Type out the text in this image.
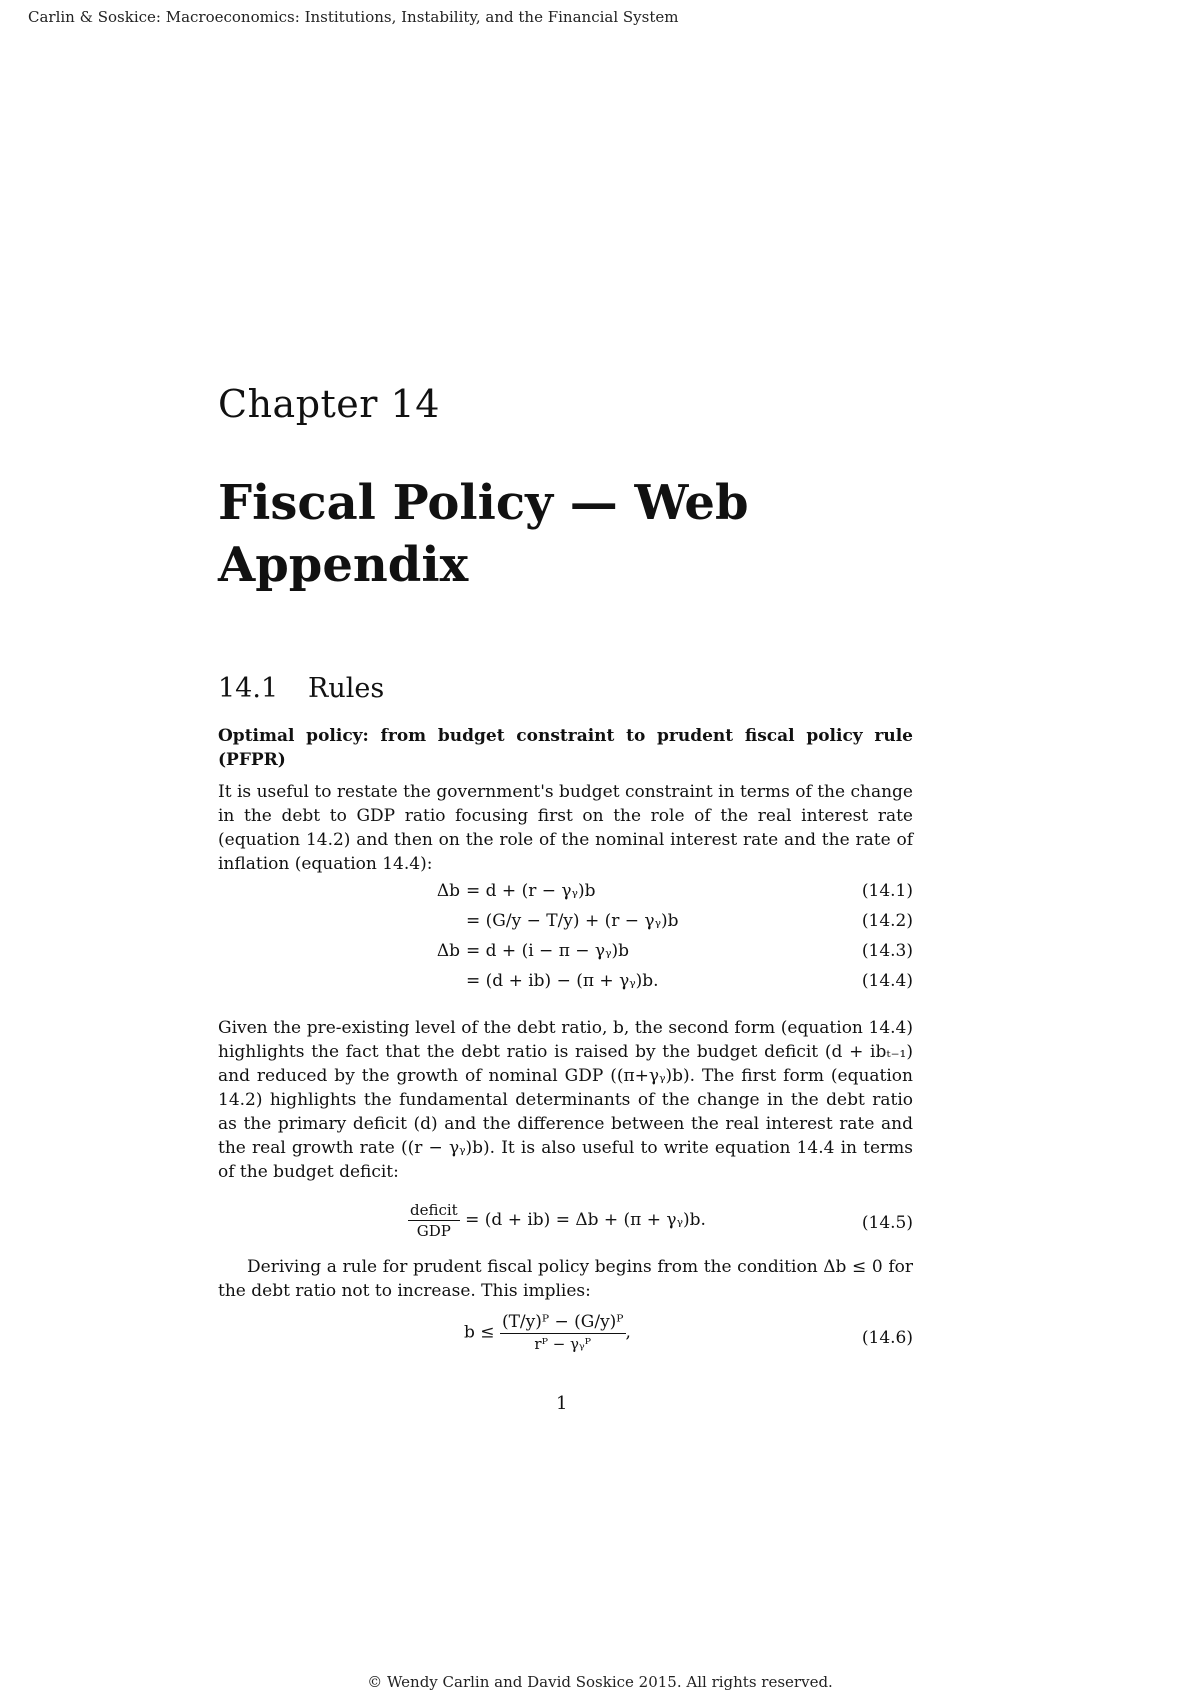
Carlin & Soskice: Macroeconomics: Institutions, Instability, and the Financial System
Chapter 14
Fiscal Policy — Web Appendix
14.1 Rules
Optimal policy: from budget constraint to prudent fiscal policy rule (PFPR)
It is useful to restate the government's budget constraint in terms of the change in the debt to GDP ratio focusing first on the role of the real interest rate (equation 14.2) and then on the role of the nominal interest rate and the rate of inflation (equation 14.4):
Δb = d + (r − γᵧ)b	(14.1)
= (G/y − T/y) + (r − γᵧ)b	(14.2)
Δb = d + (i − π − γᵧ)b	(14.3)
= (d + ib) − (π + γᵧ)b.	(14.4)
Given the pre-existing level of the debt ratio, b, the second form (equation 14.4) highlights the fact that the debt ratio is raised by the budget deficit (d + ibₜ₋₁) and reduced by the growth of nominal GDP ((π+γᵧ)b). The first form (equation 14.2) highlights the fundamental determinants of the change in the debt ratio as the primary deficit (d) and the difference between the real interest rate and the real growth rate ((r − γᵧ)b). It is also useful to write equation 14.4 in terms of the budget deficit:
$\frac{\text{deficit}}{\text{GDP}} = (d + ib) = \Delta b + (\pi$ + γᵧ)b.	(14.5)
Deriving a rule for prudent fiscal policy begins from the condition Δb ≤ 0 for the debt ratio not to increase. This implies:
$b \le \frac{\text{(T/y)ᴾ − (G/y)ᴾ}}{\text{rᴾ − γᵧᴾ}}$ ,	(14.6)
1
© Wendy Carlin and David Soskice 2015. All rights reserved.
